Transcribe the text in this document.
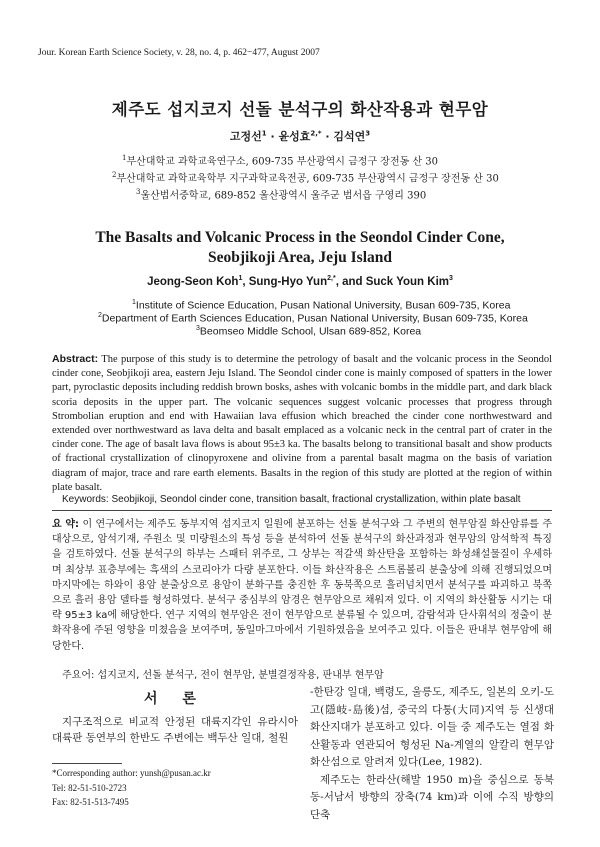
Jour. Korean Earth Science Society, v. 28, no. 4, p. 462−477, August 2007
제주도 섭지코지 선돌 분석구의 화산작용과 현무암
고정선$^1$ · 윤성효$^{2,*}$ · 김석연$^3$
$^1$부산대학교 과학교육연구소, 609-735 부산광역시 금정구 장전동 산 30
$^2$부산대학교 과학교육학부 지구과학교육전공, 609-735 부산광역시 금정구 장전동 산 30
$^3$울산범서중학교, 689-852 울산광역시 울주군 범서읍 구영리 390
The Basalts and Volcanic Process in the Seondol Cinder Cone,
Seobjikoji Area, Jeju Island
Jeong-Seon Koh$^1$, Sung-Hyo Yun$^{2,*}$, and Suck Youn Kim$^3$
$^1$Institute of Science Education, Pusan National University, Busan 609-735, Korea
$^2$Department of Earth Sciences Education, Pusan National University, Busan 609-735, Korea
$^3$Beomseo Middle School, Ulsan 689-852, Korea
Abstract: The purpose of this study is to determine the petrology of basalt and the volcanic process in the Seondol cinder cone, Seobjikoji area, eastern Jeju Island. The Seondol cinder cone is mainly composed of spatters in the lower part, pyroclastic deposits including reddish brown bosks, ashes with volcanic bombs in the middle part, and dark black scoria deposits in the upper part. The volcanic sequences suggest volcanic processes that progress through Strombolian eruption and end with Hawaiian lava effusion which breached the cinder cone northwestward and extended over northwestward as lava delta and basalt emplaced as a volcanic neck in the central part of crater in the cinder cone. The age of basalt lava flows is about 95±3 ka. The basalts belong to transitional basalt and show products of fractional crystallization of clinopyroxene and olivine from a parental basalt magma on the basis of variation diagram of major, trace and rare earth elements. Basalts in the region of this study are plotted at the region of within plate basalt.
Keywords: Seobjikoji, Seondol cinder cone, transition basalt, fractional crystallization, within plate basalt
요 약: 이 연구에서는 제주도 동부지역 섭지코지 일원에 분포하는 선돌 분석구와 그 주변의 현무암질 화산암류를 주 대상으로, 암석기재, 주원소 및 미량원소의 특성 등을 분석하여 선돌 분석구의 화산과정과 현무암의 암석학적 특징을 검토하였다. 선돌 분석구의 하부는 스패터 위주로, 그 상부는 적갈색 화산탄을 포함하는 화성쇄설물질이 우세하며 최상부 표층부에는 흑색의 스코리아가 다량 분포한다. 이들 화산작용은 스트롬볼리 분출상에 의해 진행되었으며 마지막에는 하와이 용암 분출상으로 용암이 분화구를 충진한 후 동북쪽으로 흘러넘치면서 분석구를 파괴하고 북쪽으로 흘러 용암 델타를 형성하였다. 분석구 중심부의 암경은 현무암으로 채워져 있다. 이 지역의 화산활동 시기는 대략 95±3 ka에 해당한다. 연구 지역의 현무암은 전이 현무암으로 분류될 수 있으며, 감람석과 단사휘석의 정출이 분화작용에 주된 영향을 미쳤음을 보여주며, 동일마그마에서 기원하였음을 보여주고 있다. 이들은 판내부 현무암에 해당한다.
주요어: 섭지코지, 선돌 분석구, 전이 현무암, 분별결정작용, 판내부 현무암
서 론
지구조적으로 비교적 안정된 대륙지각인 유라시아 대륙판 동연부의 한반도 주변에는 백두산 일대, 철원
*Corresponding author: yunsh@pusan.ac.kr
Tel: 82-51-510-2723
Fax: 82-51-513-7495

-한탄강 일대, 백령도, 울릉도, 제주도, 일본의 오키-도고(隱岐-島後)섬, 중국의 다퉁(大同)지역 등 신생대 화산지대가 분포하고 있다. 이들 중 제주도는 열점 화산활동과 연관되어 형성된 Na-계열의 알칼리 현무암 화산섬으로 알려져 있다(Lee, 1982).

제주도는 한라산(해발 1950 m)을 중심으로 동북동-서남서 방향의 장축(74 km)과 이에 수직 방향의 단축
